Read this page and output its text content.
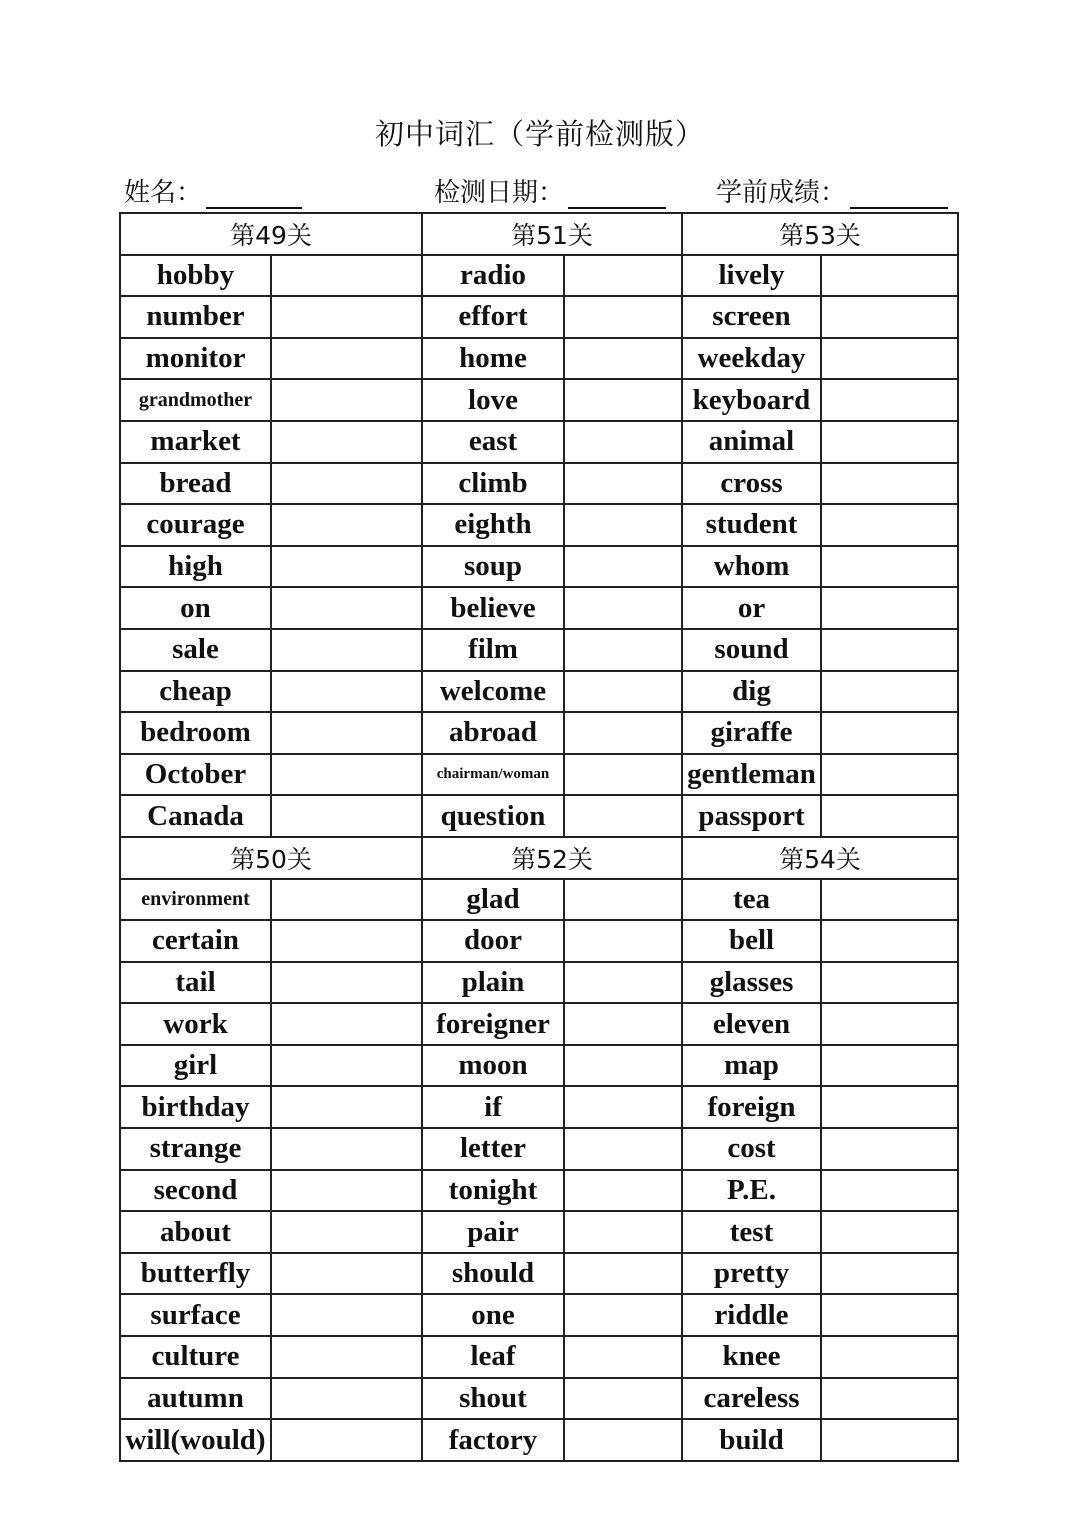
初中词汇（学前检测版）
姓名：	检测日期：	学前成绩：
第49关		第51关		第53关	
hobby		radio		lively	
number		effort		screen	
monitor		home		weekday	
grandmother		love		keyboard	
market		east		animal	
bread		climb		cross	
courage		eighth		student	
high		soup		whom	
on		believe		or	
sale		film		sound	
cheap		welcome		dig	
bedroom		abroad		giraffe	
October		chairman/woman		gentleman	
Canada		question		passport	
第50关		第52关		第54关	
environment		glad		tea	
certain		door		bell	
tail		plain		glasses	
work		foreigner		eleven	
girl		moon		map	
birthday		if		foreign	
strange		letter		cost	
second		tonight		P.E.	
about		pair		test	
butterfly		should		pretty	
surface		one		riddle	
culture		leaf		knee	
autumn		shout		careless	
will(would)		factory		build	
